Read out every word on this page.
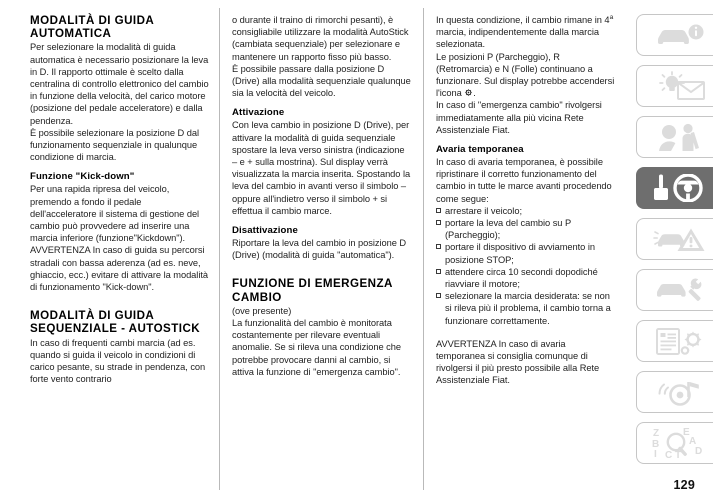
MODALITÀ DI GUIDA AUTOMATICA

Per selezionare la modalità di guida automatica è necessario posizionare la leva in D. Il rapporto ottimale è scelto dalla centralina di controllo elettronico del cambio in funzione della velocità, del carico motore (posizione del pedale acceleratore) e dalla pendenza.

È possibile selezionare la posizione D dal funzionamento sequenziale in qualunque condizione di marcia.

Funzione "Kick-down"

Per una rapida ripresa del veicolo, premendo a fondo il pedale dell'acceleratore il sistema di gestione del cambio può provvedere ad inserire una marcia inferiore (funzione"Kickdown").

AVVERTENZA In caso di guida su percorsi stradali con bassa aderenza (ad es. neve, ghiaccio, ecc.) evitare di attivare la modalità di funzionamento "Kick-down".

MODALITÀ DI GUIDA SEQUENZIALE - AUTOSTICK

In caso di frequenti cambi marcia (ad es. quando si guida il veicolo in condizioni di carico pesante, su strade in pendenza, con forte vento contrario

o durante il traino di rimorchi pesanti), è consigliabile utilizzare la modalità AutoStick (cambiata sequenziale) per selezionare e mantenere un rapporto fisso più basso.

È possibile passare dalla posizione D (Drive) alla modalità sequenziale qualunque sia la velocità del veicolo.

Attivazione

Con leva cambio in posizione D (Drive), per attivare la modalità di guida sequenziale spostare la leva verso sinistra (indicazione – e + sulla mostrina). Sul display verrà visualizzata la marcia inserita. Spostando la leva del cambio in avanti verso il simbolo – oppure all'indietro verso il simbolo + si effettua il cambio marce.

Disattivazione

Riportare la leva del cambio in posizione D (Drive) (modalità di guida "automatica").

FUNZIONE DI EMERGENZA CAMBIO

(ove presente)

La funzionalità del cambio è monitorata costantemente per rilevare eventuali anomalie. Se si rileva una condizione che potrebbe provocare danni al cambio, si attiva la funzione di "emergenza cambio".

In questa condizione, il cambio rimane in 4$^a$ marcia, indipendentemente dalla marcia selezionata.

Le posizioni P (Parcheggio), R (Retromarcia) e N (Folle) continuano a funzionare. Sul display potrebbe accendersi l'icona
.

In caso di "emergenza cambio" rivolgersi immediatamente alla più vicina Rete Assistenziale Fiat.

Avaria temporanea

In caso di avaria temporanea, è possibile ripristinare il corretto funzionamento del cambio in tutte le marce avanti procedendo come segue:

arrestare il veicolo;
portare la leva del cambio su P (Parcheggio);
portare il dispositivo di avviamento in posizione STOP;
attendere circa 10 secondi dopodiché riavviare il motore;
selezionare la marcia desiderata: se non si rileva più il problema, il cambio torna a funzionare correttamente.

AVVERTENZA In caso di avaria temporanea si consiglia comunque di rivolgersi il più presto possibile alla Rete Assistenziale Fiat.

Z E
B	A
I C T D
129
